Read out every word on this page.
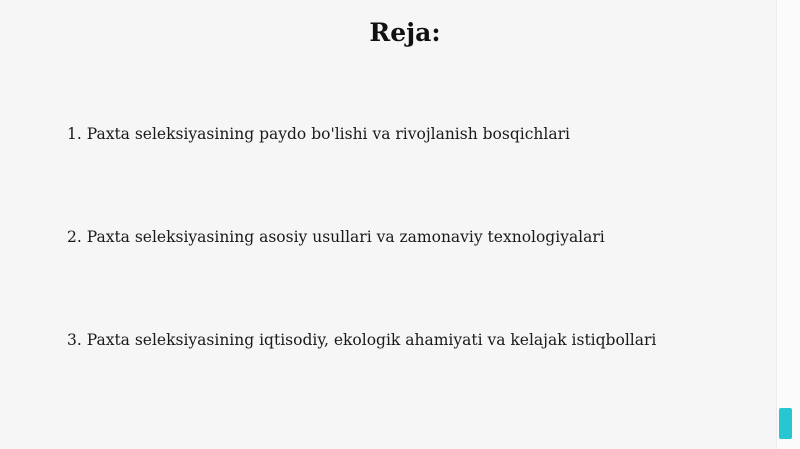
Reja:
1. Paxta seleksiyasining paydo bo'lishi va rivojlanish bosqichlari
2. Paxta seleksiyasining asosiy usullari va zamonaviy texnologiyalari
3. Paxta seleksiyasining iqtisodiy, ekologik ahamiyati va kelajak istiqbollari
